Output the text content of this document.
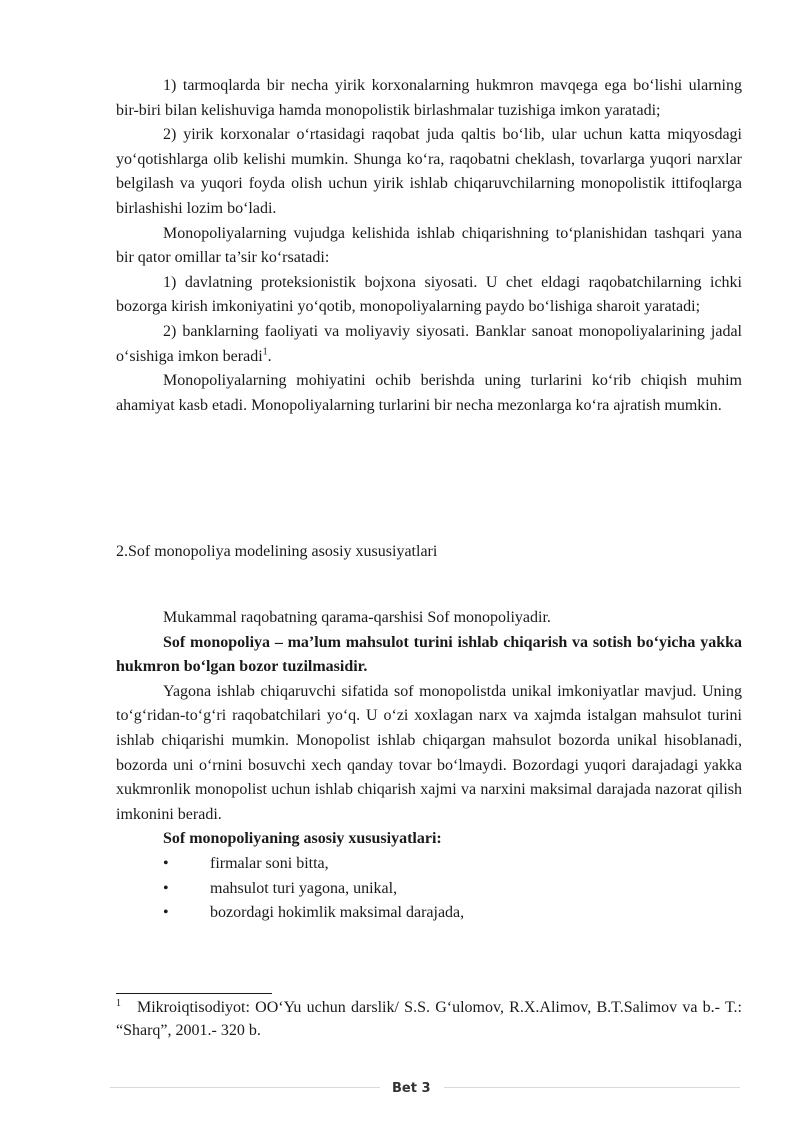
1) tarmoqlarda bir necha yirik korxonalarning hukmron mavqega ega bo‘lishi ularning bir-biri bilan kelishuviga hamda monopolistik birlashmalar tuzishiga imkon yaratadi;

2) yirik korxonalar o‘rtasidagi raqobat juda qaltis bo‘lib, ular uchun katta miqyosdagi yo‘qotishlarga olib kelishi mumkin. Shunga ko‘ra, raqobatni cheklash, tovarlarga yuqori narxlar belgilash va yuqori foyda olish uchun yirik ishlab chiqaruvchilarning monopolistik ittifoqlarga birlashishi lozim bo‘ladi.

Monopoliyalarning vujudga kelishida ishlab chiqarishning to‘planishidan tashqari yana bir qator omillar ta’sir ko‘rsatadi:

1) davlatning proteksionistik bojxona siyosati. U chet eldagi raqobatchilarning ichki bozorga kirish imkoniyatini yo‘qotib, monopoliyalarning paydo bo‘lishiga sharoit yaratadi;

2) banklarning faoliyati va moliyaviy siyosati. Banklar sanoat monopoliyalarining jadal o‘sishiga imkon beradi$^1$.

Monopoliyalarning mohiyatini ochib berishda uning turlarini ko‘rib chiqish muhim ahamiyat kasb etadi. Monopoliyalarning turlarini bir necha mezonlarga ko‘ra ajratish mumkin.

2.Sof monopoliya modelining asosiy xususiyatlari

Mukammal raqobatning qarama-qarshisi Sof monopoliyadir.

Sof monopoliya – ma’lum mahsulot turini ishlab chiqarish va sotish bo‘yicha yakka hukmron bo‘lgan bozor tuzilmasidir.

Yagona ishlab chiqaruvchi sifatida sof monopolistda unikal imkoniyatlar mavjud. Uning to‘g‘ridan-to‘g‘ri raqobatchilari yo‘q. U o‘zi xoxlagan narx va xajmda istalgan mahsulot turini ishlab chiqarishi mumkin. Monopolist ishlab chiqargan mahsulot bozorda unikal hisoblanadi, bozorda uni o‘rnini bosuvchi xech qanday tovar bo‘lmaydi. Bozordagi yuqori darajadagi yakka xukmronlik monopolist uchun ishlab chiqarish xajmi va narxini maksimal darajada nazorat qilish imkonini beradi.

Sof monopoliyaning asosiy xususiyatlari:

•	firmalar soni bitta,
•	mahsulot turi yagona, unikal,
•	bozordagi hokimlik maksimal darajada,

$^1$ Mikroiqtisodiyot: OO‘Yu uchun darslik/ S.S. G‘ulomov, R.X.Alimov, B.T.Salimov va b.- T.: “Sharq”, 2001.- 320 b.

Bet 3
